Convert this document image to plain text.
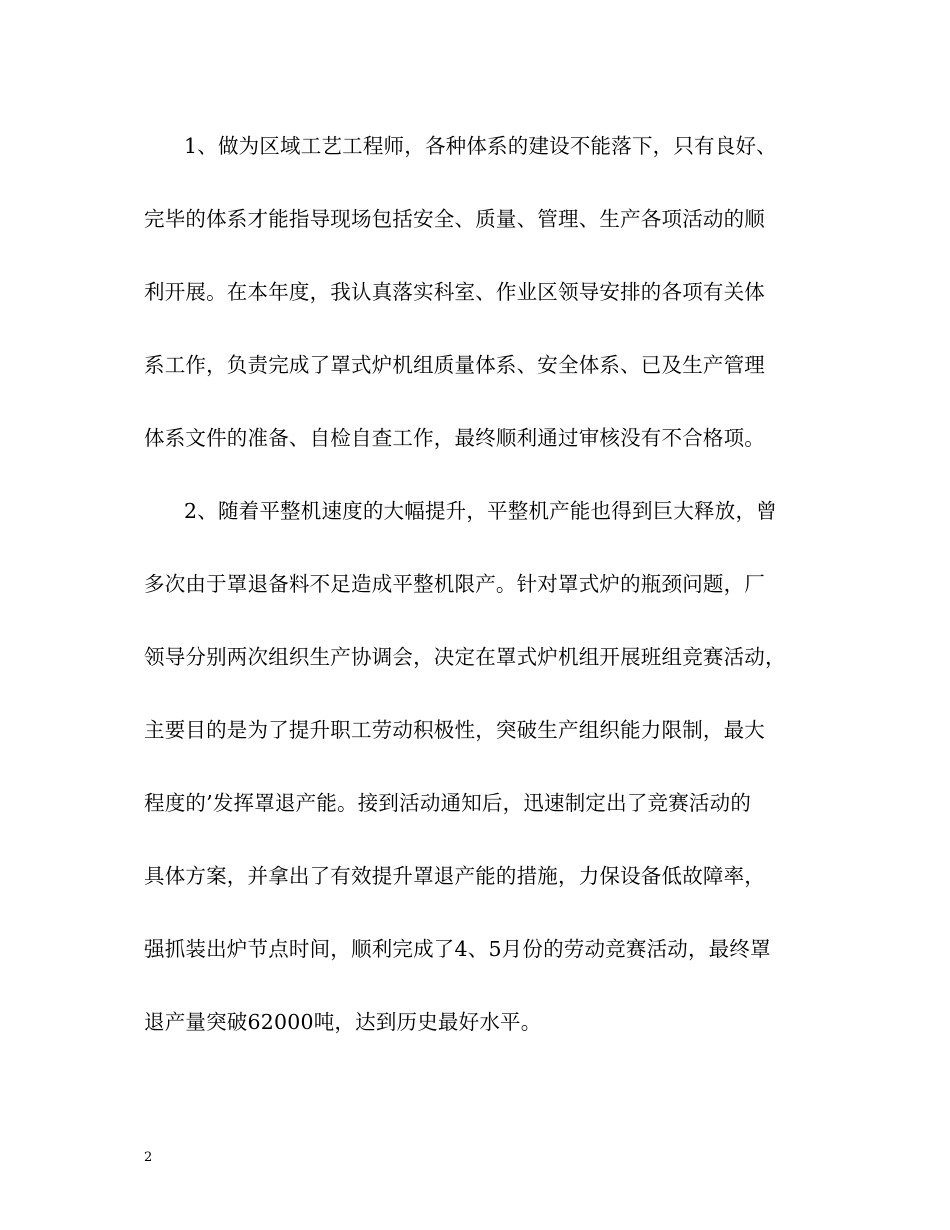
1、做为区域工艺工程师，各种体系的建设不能落下，只有良好、
完毕的体系才能指导现场包括安全、质量、管理、生产各项活动的顺
利开展。在本年度，我认真落实科室、作业区领导安排的各项有关体
系工作，负责完成了罩式炉机组质量体系、安全体系、已及生产管理
体系文件的准备、自检自查工作，最终顺利通过审核没有不合格项。
2、随着平整机速度的大幅提升，平整机产能也得到巨大释放，曾
多次由于罩退备料不足造成平整机限产。针对罩式炉的瓶颈问题，厂
领导分别两次组织生产协调会，决定在罩式炉机组开展班组竞赛活动，
主要目的是为了提升职工劳动积极性，突破生产组织能力限制，最大
程度的’发挥罩退产能。接到活动通知后，迅速制定出了竞赛活动的
具体方案，并拿出了有效提升罩退产能的措施，力保设备低故障率，
强抓装出炉节点时间，顺利完成了4、5月份的劳动竞赛活动，最终罩
退产量突破62000吨，达到历史最好水平。
2
